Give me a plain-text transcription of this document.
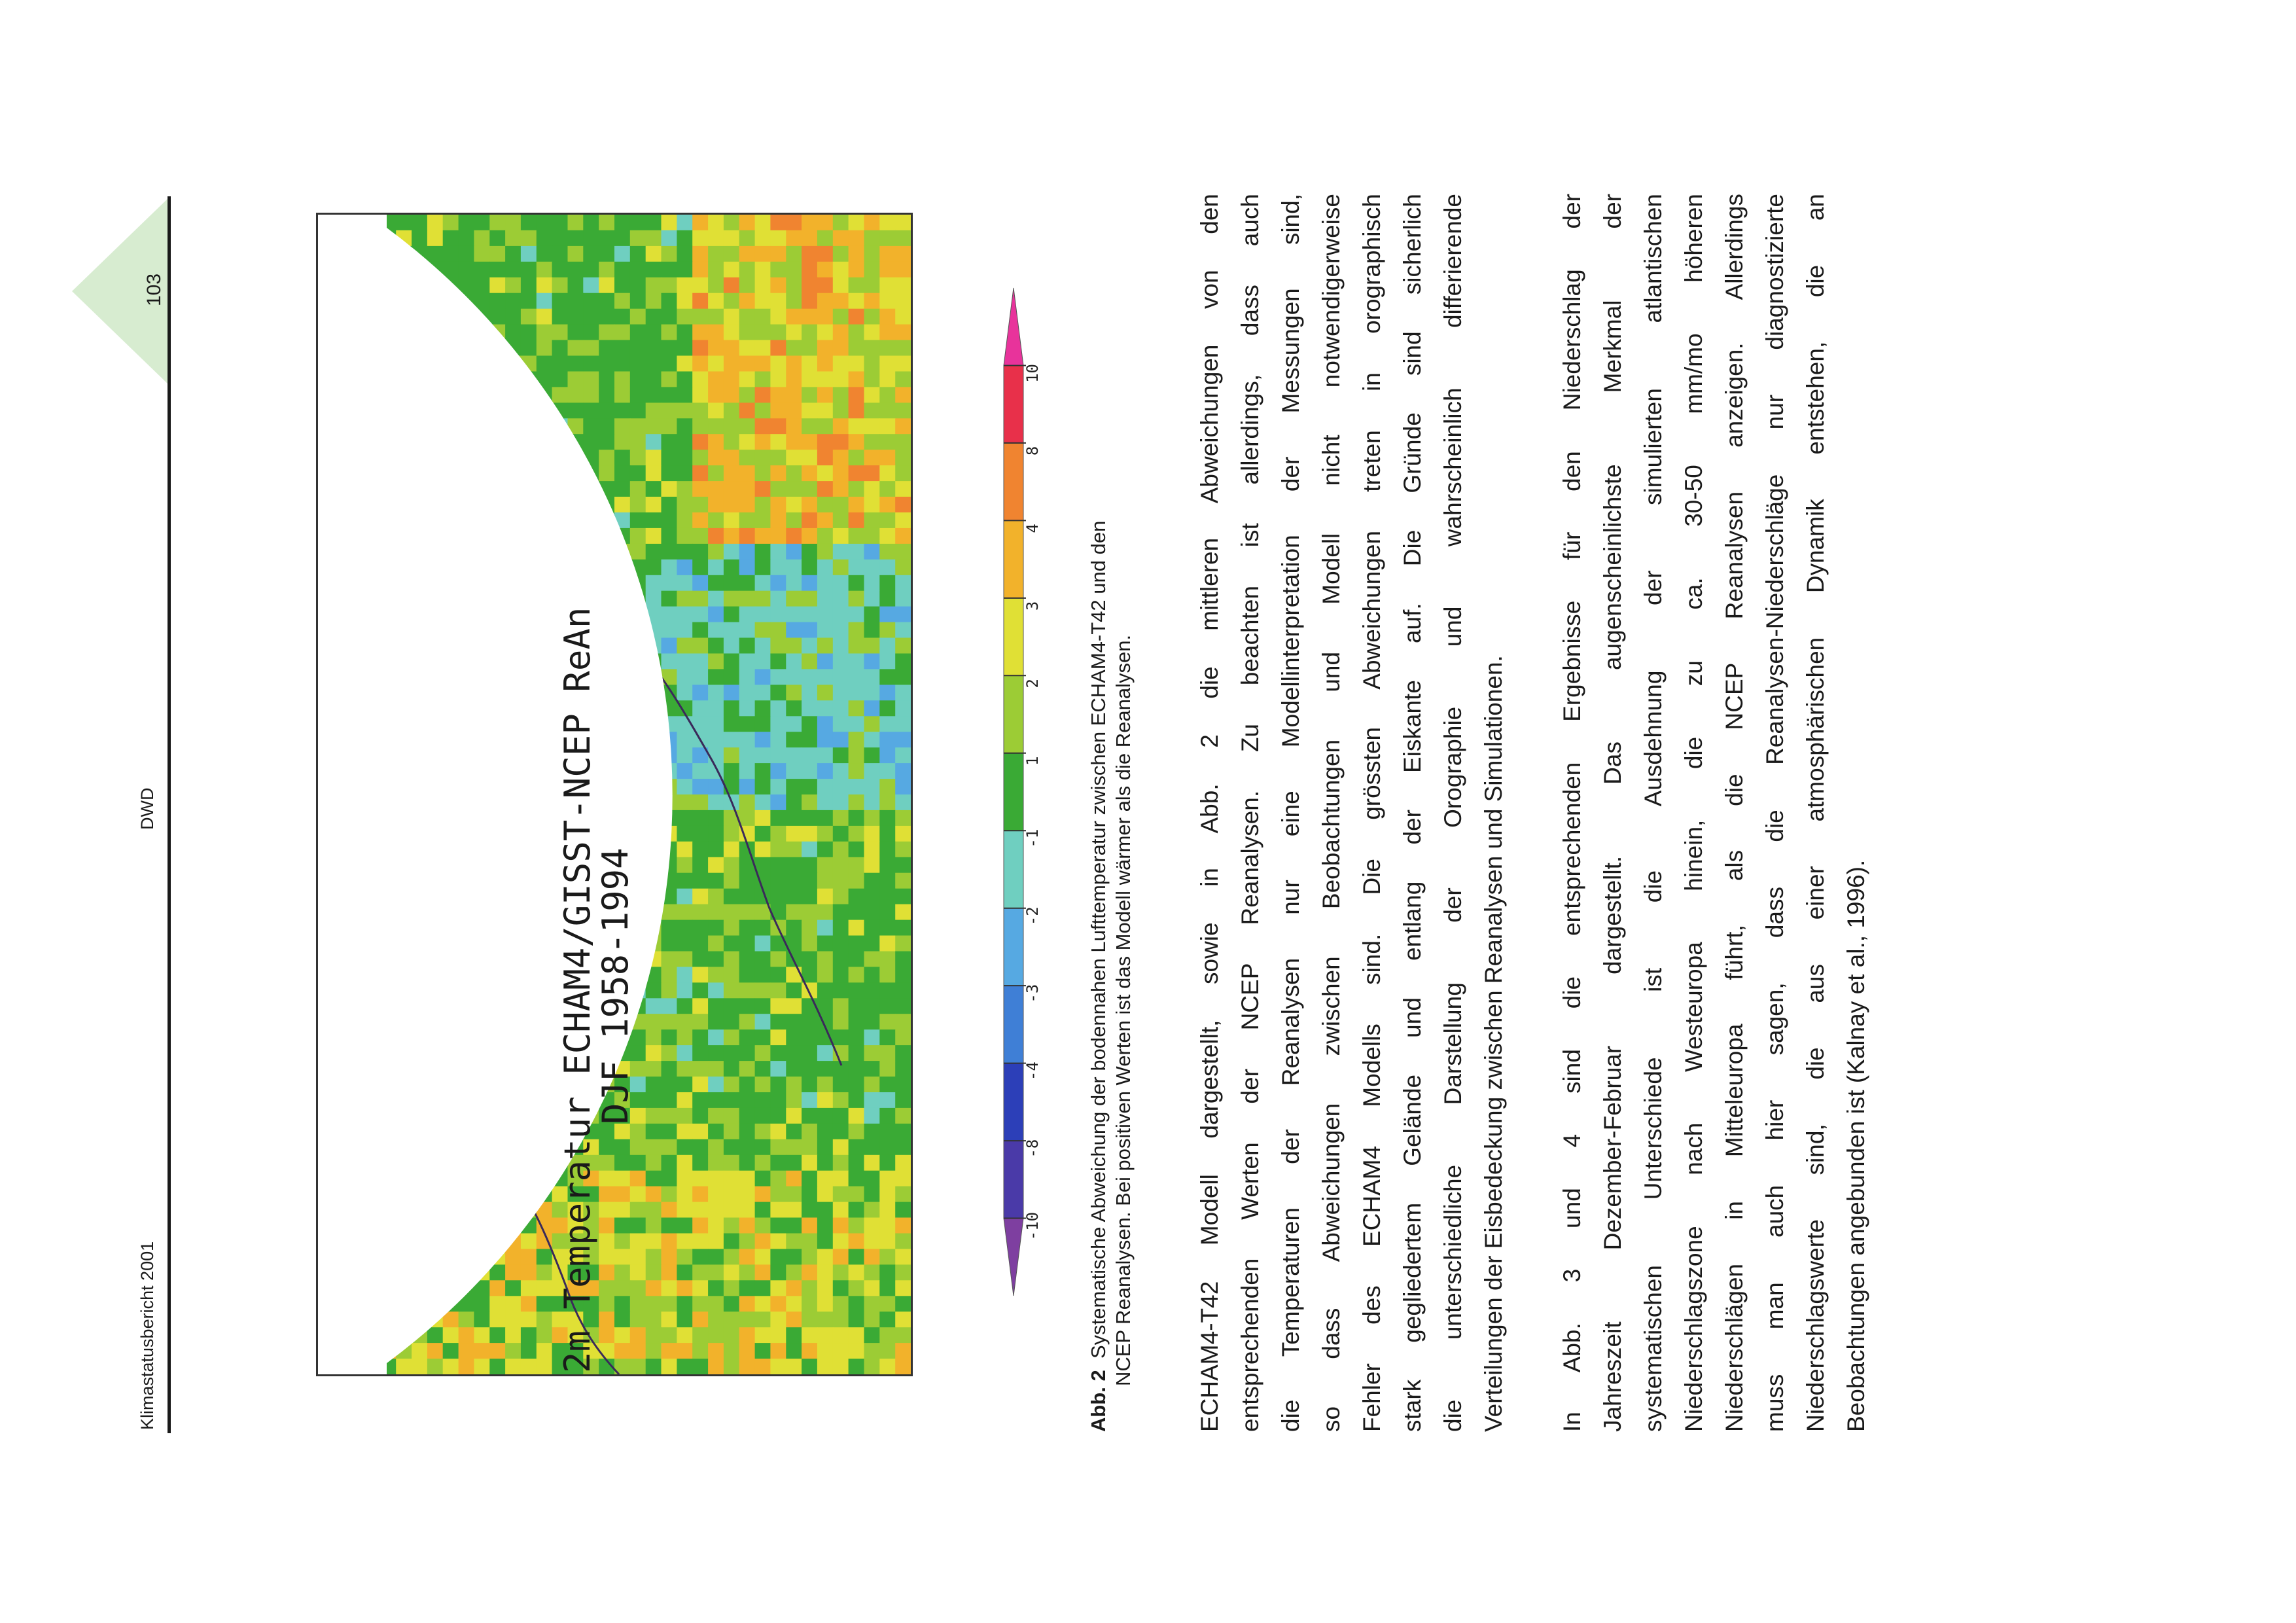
Klimastatusbericht 2001
DWD
103
2m Temperatur ECHAM4/GISST-NCEP ReAn
DJF 1958-1994
-10
-8
-4
-3
-2
-1
1
2
3
4
8
10
Abb. 2  Systematische Abweichung der bodennahen Lufttemperatur zwischen ECHAM4-T42 und den NCEP Reanalysen. Bei positiven Werten ist das Modell wärmer als die Reanalysen.	ECHAM4-T42 Modell dargestellt, sowie in Abb. 2 die mittleren Abweichungen von den entsprechenden Werten der NCEP Reanalysen. Zu beachten ist allerdings, dass auch die Temperaturen der Reanalysen nur eine Modellinterpretation der Messungen sind, so dass Abweichungen zwischen Beobachtungen und Modell nicht notwendigerweise Fehler des ECHAM4 Modells sind. Die grössten Abweichungen treten in orographisch stark gegliedertem Gelände und entlang der Eiskante auf. Die Gründe sind sicherlich die unterschiedliche Darstellung der Orographie und wahrscheinlich differierende Verteilungen der Eisbedeckung zwischen Reanalysen und Simulationen. In Abb. 3 und 4 sind die entsprechenden Ergebnisse für den Niederschlag der Jahreszeit Dezember-Februar dargestellt. Das augenscheinlichste Merkmal der systematischen Unterschiede ist die Ausdehnung der simulierten atlantischen Niederschlagszone nach Westeuropa hinein, die zu ca. 30-50 mm/mo höheren Niederschlägen in Mitteleuropa führt, als die NCEP Reanalysen anzeigen. Allerdings muss man auch hier sagen, dass die Reanalysen-Niederschläge nur diagnostizierte Niederschlagswerte sind, die aus einer atmosphärischen Dynamik entstehen, die an Beobachtungen angebunden ist (Kalnay et al., 1996).
